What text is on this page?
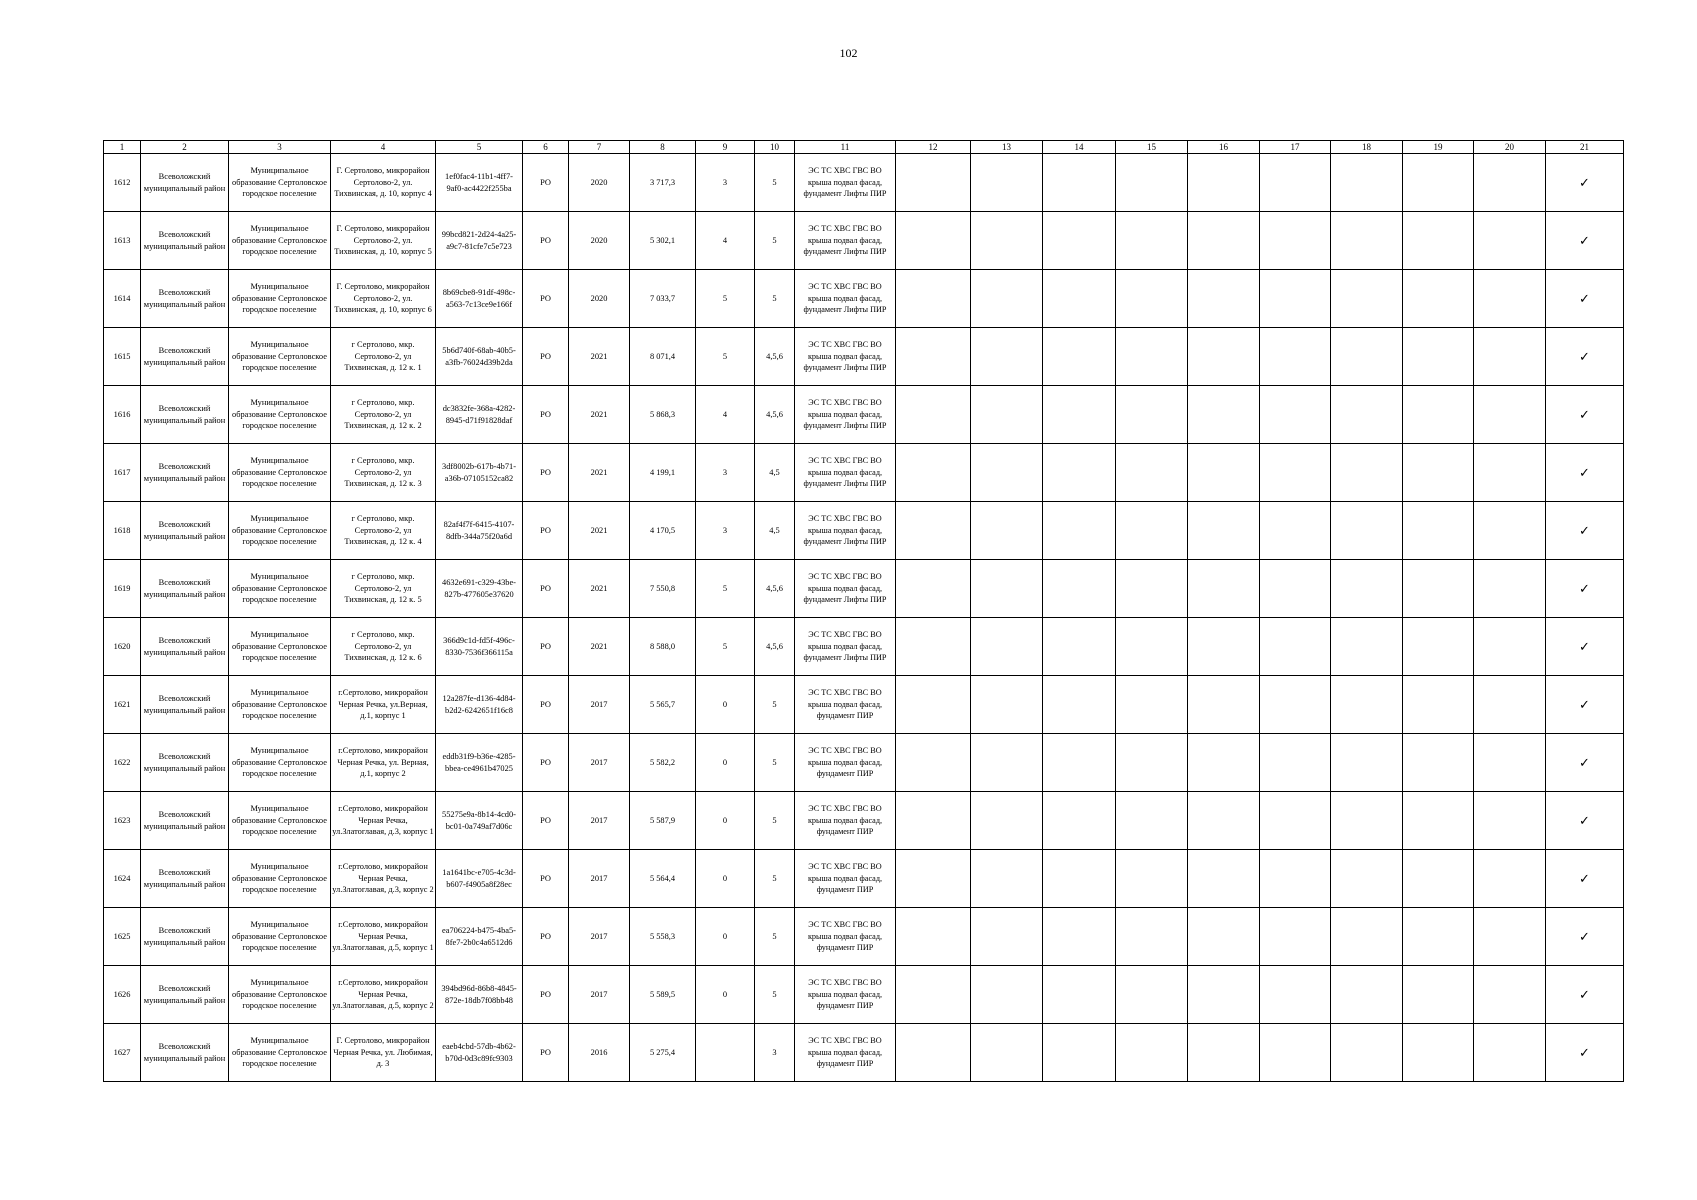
102
1	2	3	4	5	6	7	8	9	10	11	12	13	14	15	16	17	18	19	20	21
1612	Всеволожский муниципальный район	Муниципальное образование Сертоловское городское поселение	Г. Сертолово, микрорайон Сертолово-2, ул. Тихвинская, д. 10, корпус 4	1ef0fac4-11b1-4ff7-9af0-ac4422f255ba	РО	2020	3 717,3	3	5	ЭС ТС ХВС ГВС ВО крыша подвал фасад, фундамент Лифты ПИР										✓
1613	Всеволожский муниципальный район	Муниципальное образование Сертоловское городское поселение	Г. Сертолово, микрорайон Сертолово-2, ул. Тихвинская, д. 10, корпус 5	99bcd821-2d24-4a25-a9c7-81cfe7c5e723	РО	2020	5 302,1	4	5	ЭС ТС ХВС ГВС ВО крыша подвал фасад, фундамент Лифты ПИР										✓
1614	Всеволожский муниципальный район	Муниципальное образование Сертоловское городское поселение	Г. Сертолово, микрорайон Сертолово-2, ул. Тихвинская, д. 10, корпус 6	8b69cbe8-91df-498c-a563-7c13ce9e166f	РО	2020	7 033,7	5	5	ЭС ТС ХВС ГВС ВО крыша подвал фасад, фундамент Лифты ПИР										✓
1615	Всеволожский муниципальный район	Муниципальное образование Сертоловское городское поселение	г Сертолово, мкр. Сертолово-2, ул Тихвинская, д. 12 к. 1	5b6d740f-68ab-40b5-a3fb-76024d39b2da	РО	2021	8 071,4	5	4,5,6	ЭС ТС ХВС ГВС ВО крыша подвал фасад, фундамент Лифты ПИР										✓
1616	Всеволожский муниципальный район	Муниципальное образование Сертоловское городское поселение	г Сертолово, мкр. Сертолово-2, ул Тихвинская, д. 12 к. 2	dc3832fe-368a-4282-8945-d71f91828daf	РО	2021	5 868,3	4	4,5,6	ЭС ТС ХВС ГВС ВО крыша подвал фасад, фундамент Лифты ПИР										✓
1617	Всеволожский муниципальный район	Муниципальное образование Сертоловское городское поселение	г Сертолово, мкр. Сертолово-2, ул Тихвинская, д. 12 к. 3	3df8002b-617b-4b71-a36b-07105152ca82	РО	2021	4 199,1	3	4,5	ЭС ТС ХВС ГВС ВО крыша подвал фасад, фундамент Лифты ПИР										✓
1618	Всеволожский муниципальный район	Муниципальное образование Сертоловское городское поселение	г Сертолово, мкр. Сертолово-2, ул Тихвинская, д. 12 к. 4	82af4f7f-6415-4107-8dfb-344a75f20a6d	РО	2021	4 170,5	3	4,5	ЭС ТС ХВС ГВС ВО крыша подвал фасад, фундамент Лифты ПИР										✓
1619	Всеволожский муниципальный район	Муниципальное образование Сертоловское городское поселение	г Сертолово, мкр. Сертолово-2, ул Тихвинская, д. 12 к. 5	4632e691-c329-43be-827b-477605e37620	РО	2021	7 550,8	5	4,5,6	ЭС ТС ХВС ГВС ВО крыша подвал фасад, фундамент Лифты ПИР										✓
1620	Всеволожский муниципальный район	Муниципальное образование Сертоловское городское поселение	г Сертолово, мкр. Сертолово-2, ул Тихвинская, д. 12 к. 6	366d9c1d-fd5f-496c-8330-7536f366115a	РО	2021	8 588,0	5	4,5,6	ЭС ТС ХВС ГВС ВО крыша подвал фасад, фундамент Лифты ПИР										✓
1621	Всеволожский муниципальный район	Муниципальное образование Сертоловское городское поселение	г.Сертолово, микрорайон Черная Речка, ул.Верная, д.1, корпус 1	12a287fe-d136-4d84-b2d2-6242651f16c8	РО	2017	5 565,7	0	5	ЭС ТС ХВС ГВС ВО крыша подвал фасад, фундамент ПИР										✓
1622	Всеволожский муниципальный район	Муниципальное образование Сертоловское городское поселение	г.Сертолово, микрорайон Черная Речка, ул. Верная, д.1, корпус 2	eddb31f9-b36e-4285-bbea-ce4961b47025	РО	2017	5 582,2	0	5	ЭС ТС ХВС ГВС ВО крыша подвал фасад, фундамент ПИР										✓
1623	Всеволожский муниципальный район	Муниципальное образование Сертоловское городское поселение	г.Сертолово, микрорайон Черная Речка, ул.Златоглавая, д.3, корпус 1	55275e9a-8b14-4cd0-bc01-0a749af7d06c	РО	2017	5 587,9	0	5	ЭС ТС ХВС ГВС ВО крыша подвал фасад, фундамент ПИР										✓
1624	Всеволожский муниципальный район	Муниципальное образование Сертоловское городское поселение	г.Сертолово, микрорайон Черная Речка, ул.Златоглавая, д.3, корпус 2	1a1641bc-e705-4c3d-b607-f4905a8f28ec	РО	2017	5 564,4	0	5	ЭС ТС ХВС ГВС ВО крыша подвал фасад, фундамент ПИР										✓
1625	Всеволожский муниципальный район	Муниципальное образование Сертоловское городское поселение	г.Сертолово, микрорайон Черная Речка, ул.Златоглавая, д.5, корпус 1	ea706224-b475-4ba5-8fe7-2b0c4a6512d6	РО	2017	5 558,3	0	5	ЭС ТС ХВС ГВС ВО крыша подвал фасад, фундамент ПИР										✓
1626	Всеволожский муниципальный район	Муниципальное образование Сертоловское городское поселение	г.Сертолово, микрорайон Черная Речка, ул.Златоглавая, д.5, корпус 2	394bd96d-86b8-4845-872e-18db7f08bb48	РО	2017	5 589,5	0	5	ЭС ТС ХВС ГВС ВО крыша подвал фасад, фундамент ПИР										✓
1627	Всеволожский муниципальный район	Муниципальное образование Сертоловское городское поселение	Г. Сертолово, микрорайон Черная Речка, ул. Любимая, д. 3	eaeb4cbd-57db-4b62-b70d-0d3c89fc9303	РО	2016	5 275,4		3	ЭС ТС ХВС ГВС ВО крыша подвал фасад, фундамент ПИР										✓
